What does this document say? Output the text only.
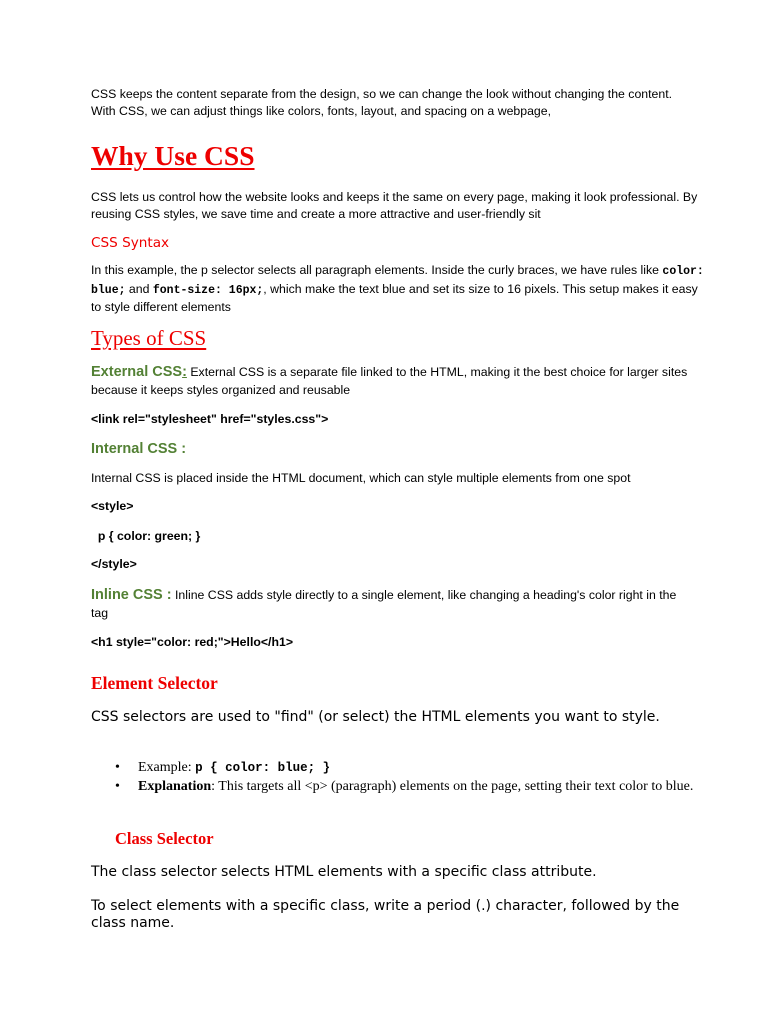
CSS keeps the content separate from the design, so we can change the look without changing the content. With CSS, we can adjust things like colors, fonts, layout, and spacing on a webpage,
Why Use CSS
CSS lets us control how the website looks and keeps it the same on every page, making it look professional. By reusing CSS styles, we save time and create a more attractive and user-friendly sit
CSS Syntax
In this example, the p selector selects all paragraph elements. Inside the curly braces, we have rules like color: blue; and font-size: 16px;, which make the text blue and set its size to 16 pixels. This setup makes it easy to style different elements
Types of CSS
External CSS: External CSS is a separate file linked to the HTML, making it the best choice for larger sites because it keeps styles organized and reusable
<link rel="stylesheet" href="styles.css">
Internal CSS :
Internal CSS is placed inside the HTML document, which can style multiple elements from one spot
<style>
p { color: green; }
</style>
Inline CSS : Inline CSS adds style directly to a single element, like changing a heading's color right in the tag
<h1 style="color: red;">Hello</h1>
Element Selector
CSS selectors are used to "find" (or select) the HTML elements you want to style.
• Example: p { color: blue; }
• Explanation: This targets all <p> (paragraph) elements on the page, setting their text color to blue.
Class Selector
The class selector selects HTML elements with a specific class attribute.
To select elements with a specific class, write a period (.) character, followed by the class name.
